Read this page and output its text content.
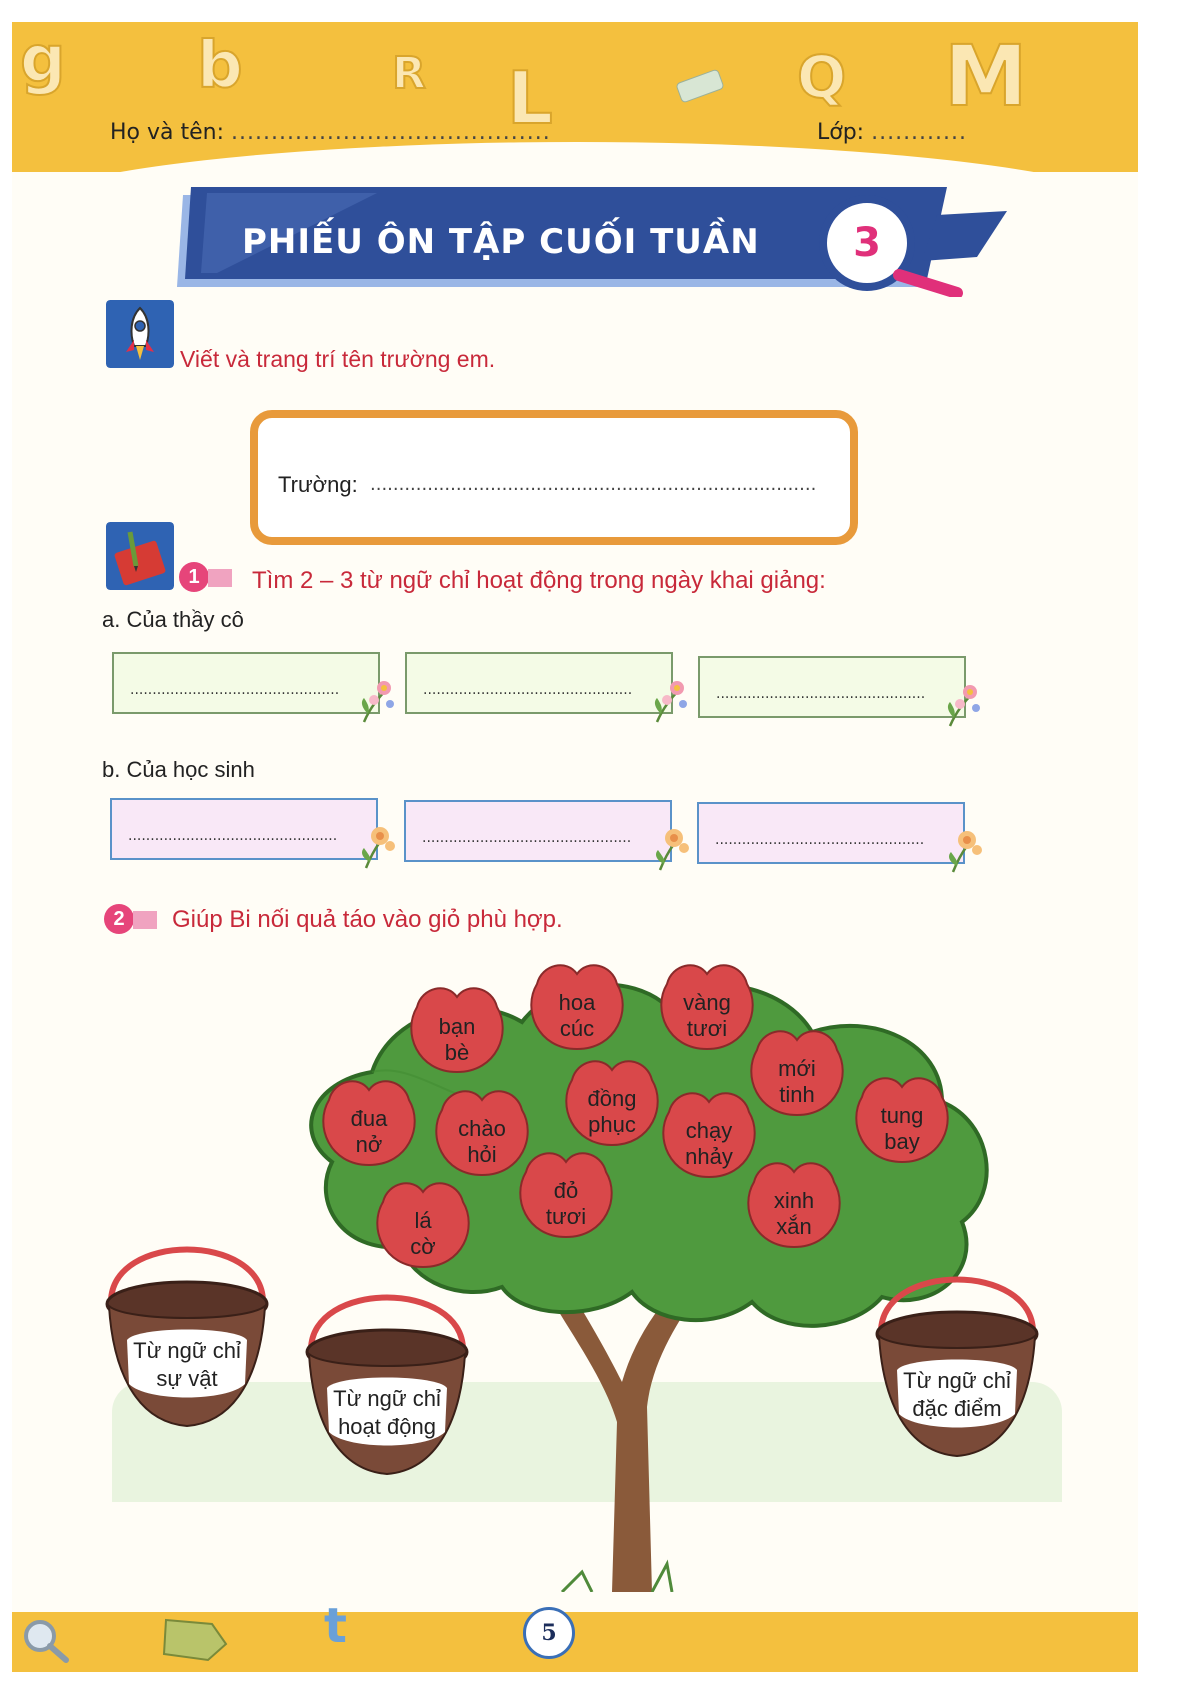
g b	R L	Q M
Họ và tên: ........................................	Lớp: ............
PHIẾU ÔN TẬP CUỐI TUẦN	3
Viết và trang trí tên trường em.
Trường: ..............................................................................
1	Tìm 2 – 3 từ ngữ chỉ hoạt động trong ngày khai giảng:
a. Của thầy cô
...............................................	...............................................	...............................................
b. Của học sinh
...............................................	...............................................	...............................................
2	Giúp Bi nối quả táo vào giỏ phù hợp.
bạn
bè
hoa
cúc
vàng
tươi
mới
tinh
đua
nở
chào
hỏi
đồng
phục chạy
nhảy
tung
bay
đỏ
tươi
lá
cờ
xinh
xắn
Từ ngữ chỉ
sự vật
Từ ngữ chỉ
hoạt động
Từ ngữ chỉ
đặc điểm
t	5
